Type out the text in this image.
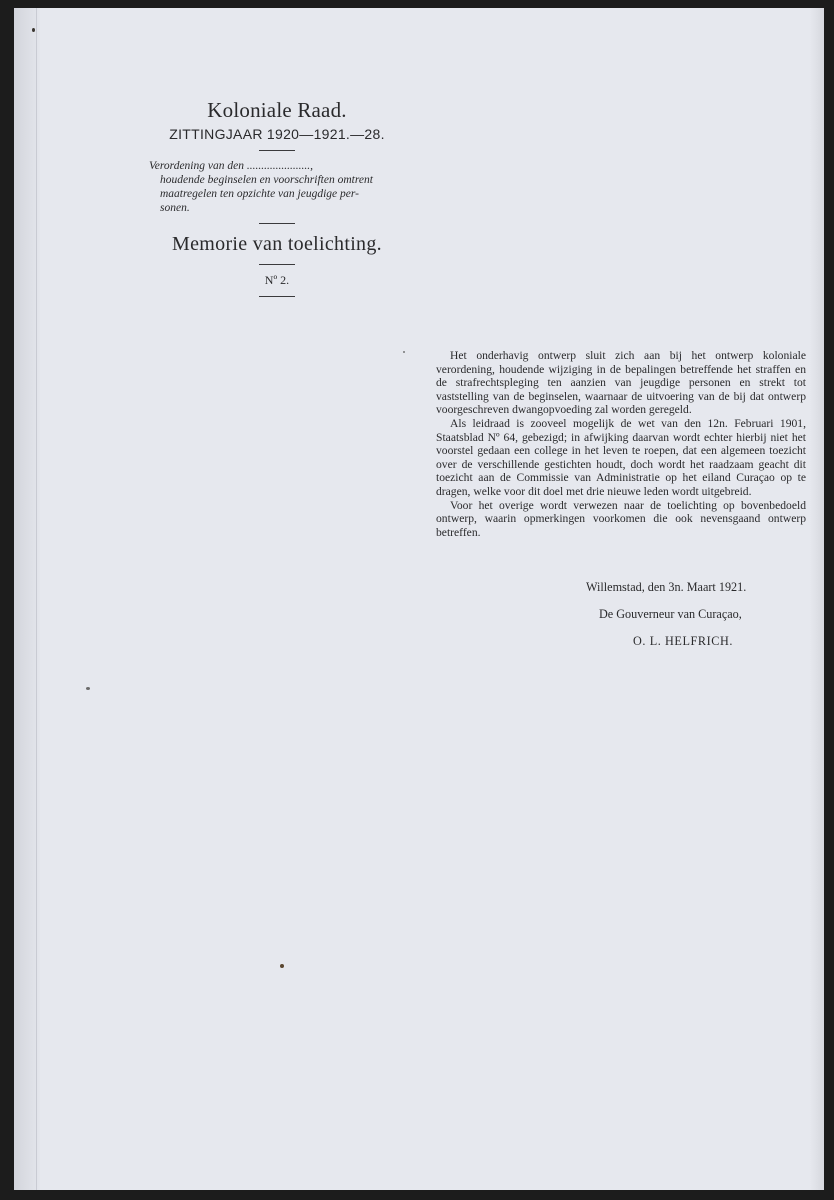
Koloniale Raad.
ZITTINGJAAR 1920—1921.—28.
Verordening van den ......................,
houdende beginselen en voorschriften omtrent
maatregelen ten opzichte van jeugdige per-
sonen.
Memorie van toelichting.
Nº 2.

Het onderhavig ontwerp sluit zich aan bij het ontwerp koloniale verordening, houdende wijziging in de bepalingen betreffende het straffen en de strafrechtspleging ten aanzien van jeugdige personen en strekt tot vaststelling van de beginselen, waarnaar de uitvoering van de bij dat ontwerp voorgeschreven dwangopvoeding zal worden geregeld.

Als leidraad is zooveel mogelijk de wet van den 12n. Februari 1901, Staatsblad Nº 64, gebezigd; in afwijking daarvan wordt echter hierbij niet het voorstel gedaan een college in het leven te roepen, dat een algemeen toezicht over de verschillende gestichten houdt, doch wordt het raadzaam geacht dit toezicht aan de Commissie van Administratie op het eiland Curaçao op te dragen, welke voor dit doel met drie nieuwe leden wordt uitgebreid.

Voor het overige wordt verwezen naar de toelichting op bovenbedoeld ontwerp, waarin opmerkingen voorkomen die ook nevensgaand ontwerp betreffen.

Willemstad, den 3n. Maart 1921.
De Gouverneur van Curaçao,
O. L. HELFRICH.
